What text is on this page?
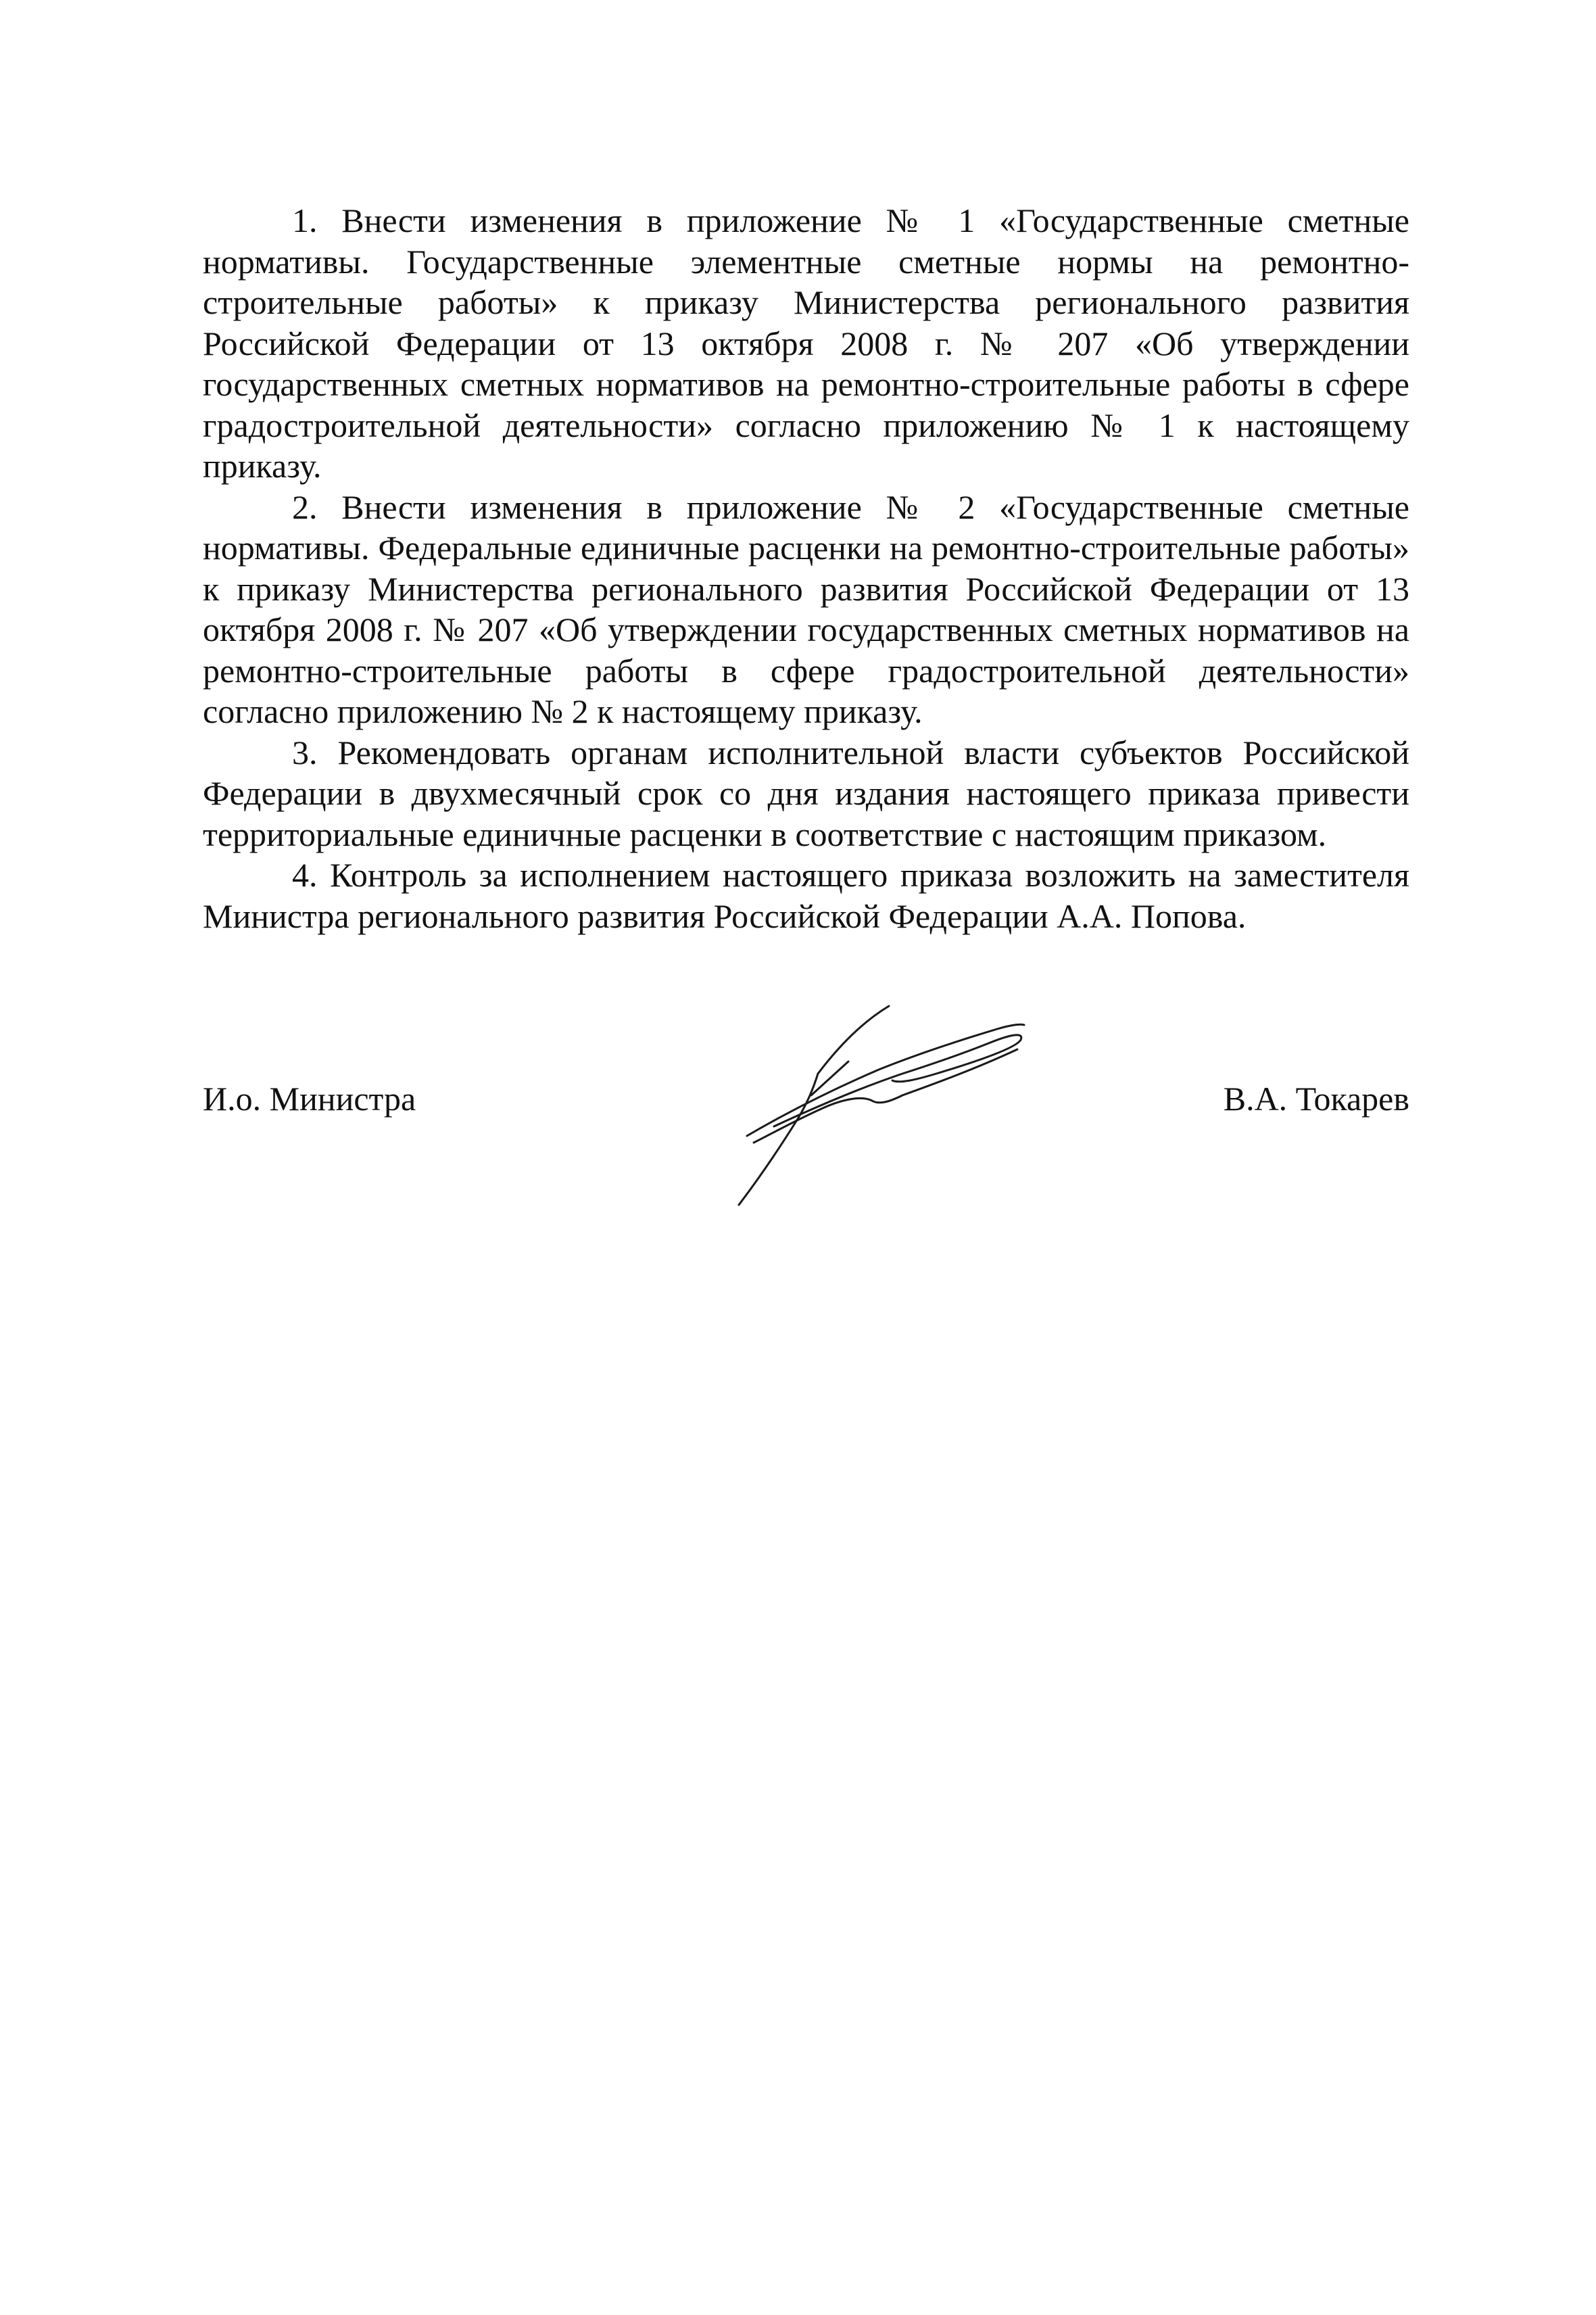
1. Внести изменения в приложение № 1 «Государственные сметные нормативы. Государственные элементные сметные нормы на ремонтно-строительные работы» к приказу Министерства регионального развития Российской Федерации от 13 октября 2008 г. № 207 «Об утверждении государственных сметных нормативов на ремонтно-строительные работы в сфере градостроительной деятельности» согласно приложению № 1 к настоящему приказу.

2. Внести изменения в приложение № 2 «Государственные сметные нормативы. Федеральные единичные расценки на ремонтно-строительные работы» к приказу Министерства регионального развития Российской Федерации от 13 октября 2008 г. № 207 «Об утверждении государственных сметных нормативов на ремонтно-строительные работы в сфере градостроительной деятельности» согласно приложению № 2 к настоящему приказу.

3. Рекомендовать органам исполнительной власти субъектов Российской Федерации в двухмесячный срок со дня издания настоящего приказа привести территориальные единичные расценки в соответствие с настоящим приказом.

4. Контроль за исполнением настоящего приказа возложить на заместителя Министра регионального развития Российской Федерации А.А. Попова.

И.о. Министра	В.А. Токарев
